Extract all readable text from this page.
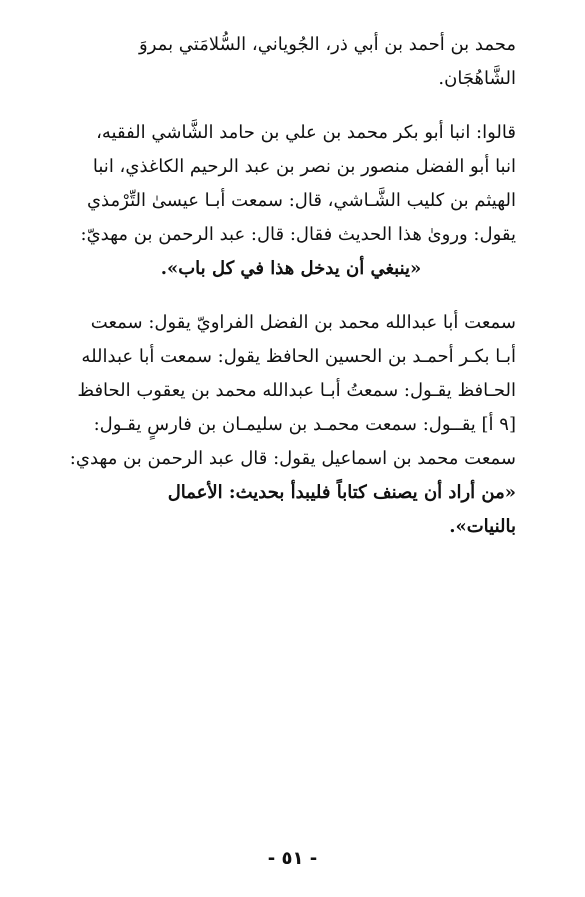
محمد بن أحمد بن أبي ذر، الجُوياني، السُّلامَتي بمروَ
الشَّاهُجَان.
قالوا: انبا أبو بكر محمد بن علي بن حامد الشَّاشي الفقيه،
انبا أبو الفضل منصور بن نصر بن عبد الرحيم الكاغذي، انبا
الهيثم بن كليب الشَّـاشي، قال: سمعت أبـا عيسىٰ التِّرْمذي
يقول: وروىٰ هذا الحديث فقال: قال: عبد الرحمن بن مهديّ:
«ينبغي أن يدخل هذا في كل باب».
سمعت أبا عبدالله محمد بن الفضل الفراويّ يقول: سمعت
أبـا بكـر أحمـد بن الحسين الحافظ يقول: سمعت أبا عبدالله
الحـافظ يقـول: سمعتُ أبـا عبدالله محمد بن يعقوب الحافظ
[٩ أ] يقــول: سمعت محمـد بن سليمـان بن فارسٍ يقـول:
سمعت محمد بن اسماعيل يقول: قال عبد الرحمن بن مهدي:
«من أراد أن يصنف كتاباً فليبدأ بحديث: الأعمال
بالنيات».
- ٥١ -
